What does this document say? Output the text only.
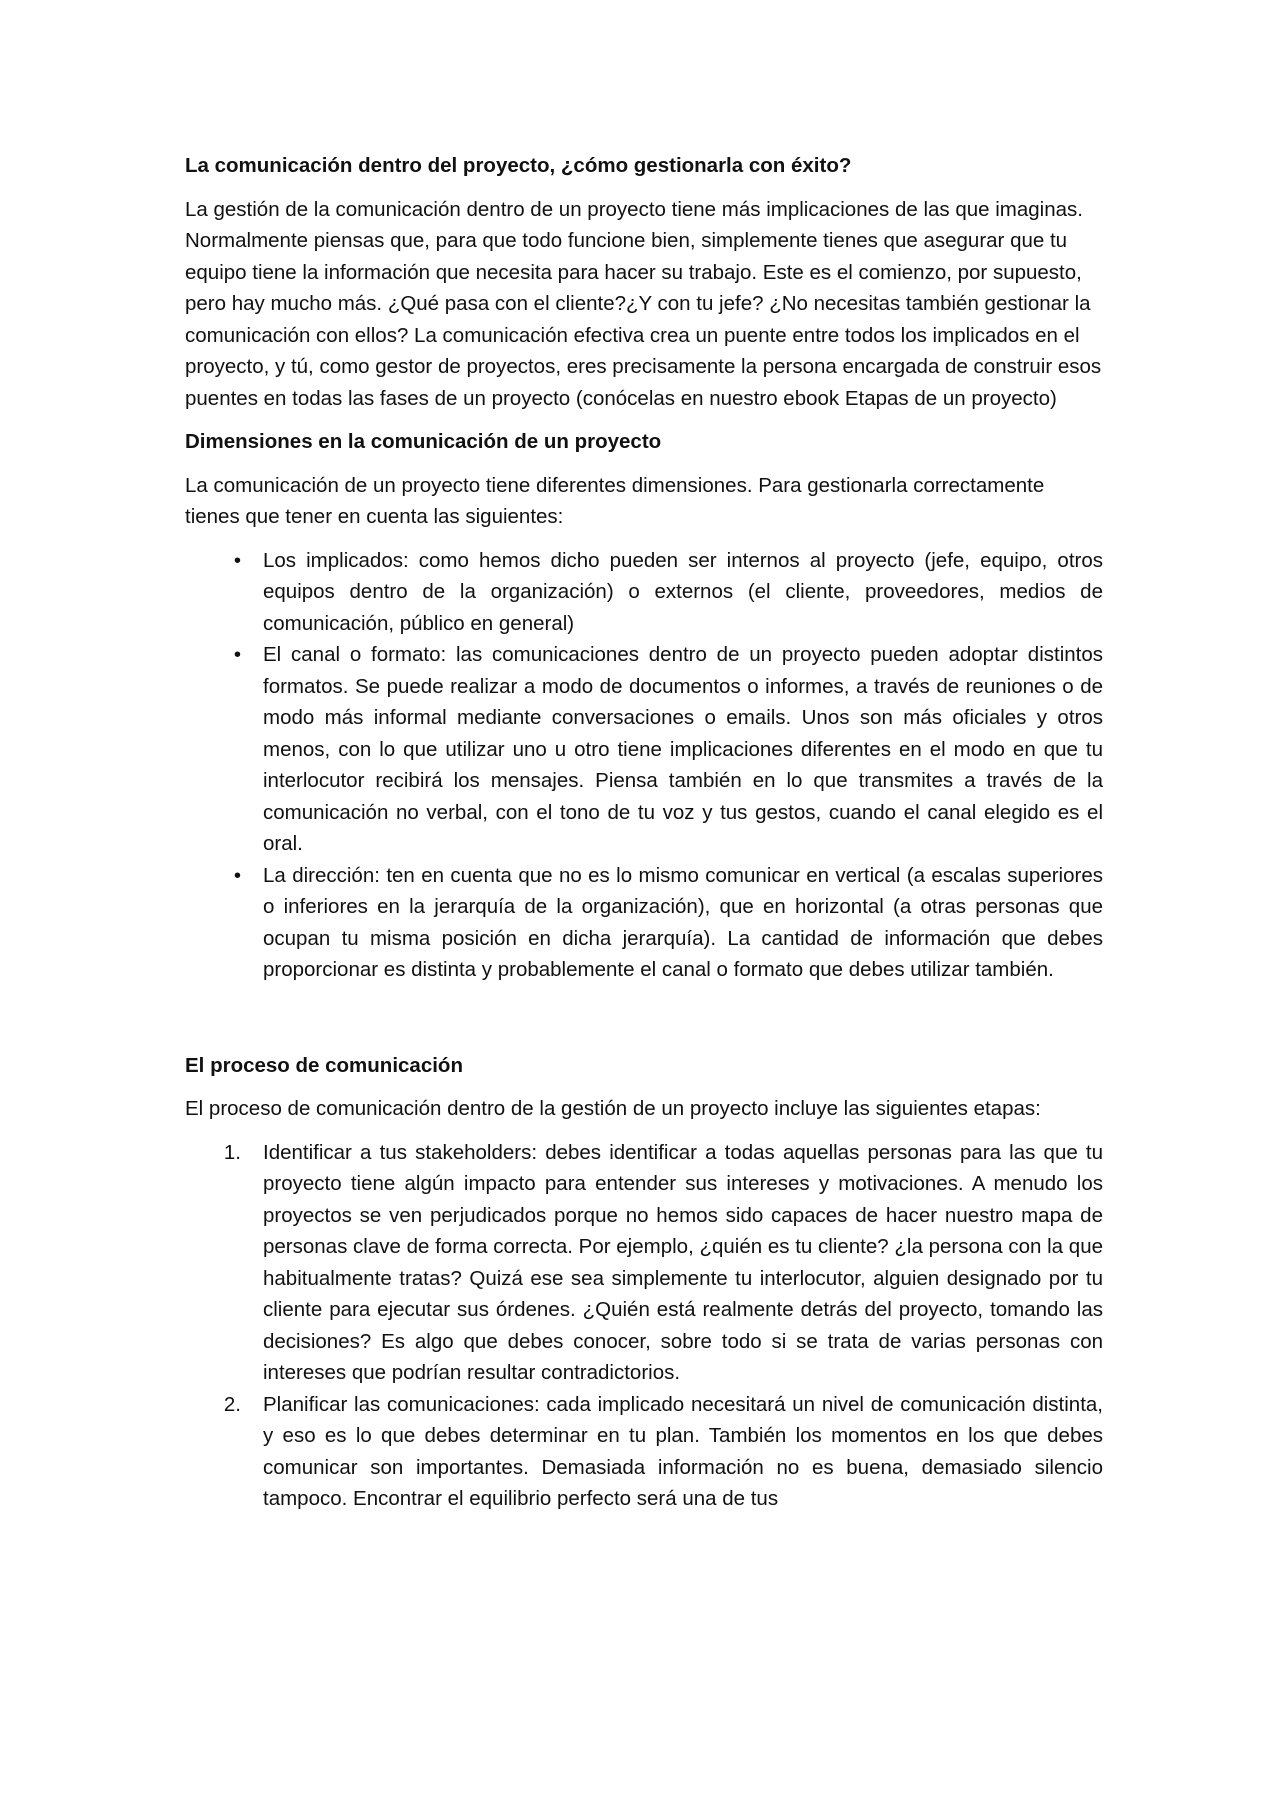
La comunicación dentro del proyecto, ¿cómo gestionarla con éxito?

La gestión de la comunicación dentro de un proyecto tiene más implicaciones de las que imaginas. Normalmente piensas que, para que todo funcione bien, simplemente tienes que asegurar que tu equipo tiene la información que necesita para hacer su trabajo. Este es el comienzo, por supuesto, pero hay mucho más. ¿Qué pasa con el cliente?¿Y con tu jefe? ¿No necesitas también gestionar la comunicación con ellos? La comunicación efectiva crea un puente entre todos los implicados en el proyecto, y tú, como gestor de proyectos, eres precisamente la persona encargada de construir esos puentes en todas las fases de un proyecto (conócelas en nuestro ebook Etapas de un proyecto)

Dimensiones en la comunicación de un proyecto

La comunicación de un proyecto tiene diferentes dimensiones. Para gestionarla correctamente tienes que tener en cuenta las siguientes:

• Los implicados: como hemos dicho pueden ser internos al proyecto (jefe, equipo, otros equipos dentro de la organización) o externos (el cliente, proveedores, medios de comunicación, público en general)
• El canal o formato: las comunicaciones dentro de un proyecto pueden adoptar distintos formatos. Se puede realizar a modo de documentos o informes, a través de reuniones o de modo más informal mediante conversaciones o emails. Unos son más oficiales y otros menos, con lo que utilizar uno u otro tiene implicaciones diferentes en el modo en que tu interlocutor recibirá los mensajes. Piensa también en lo que transmites a través de la comunicación no verbal, con el tono de tu voz y tus gestos, cuando el canal elegido es el oral.
• La dirección: ten en cuenta que no es lo mismo comunicar en vertical (a escalas superiores o inferiores en la jerarquía de la organización), que en horizontal (a otras personas que ocupan tu misma posición en dicha jerarquía). La cantidad de información que debes proporcionar es distinta y probablemente el canal o formato que debes utilizar también.

El proceso de comunicación

El proceso de comunicación dentro de la gestión de un proyecto incluye las siguientes etapas:

1. Identificar a tus stakeholders: debes identificar a todas aquellas personas para las que tu proyecto tiene algún impacto para entender sus intereses y motivaciones. A menudo los proyectos se ven perjudicados porque no hemos sido capaces de hacer nuestro mapa de personas clave de forma correcta. Por ejemplo, ¿quién es tu cliente? ¿la persona con la que habitualmente tratas? Quizá ese sea simplemente tu interlocutor, alguien designado por tu cliente para ejecutar sus órdenes. ¿Quién está realmente detrás del proyecto, tomando las decisiones? Es algo que debes conocer, sobre todo si se trata de varias personas con intereses que podrían resultar contradictorios.
2. Planificar las comunicaciones: cada implicado necesitará un nivel de comunicación distinta, y eso es lo que debes determinar en tu plan. También los momentos en los que debes comunicar son importantes. Demasiada información no es buena, demasiado silencio tampoco. Encontrar el equilibrio perfecto será una de tus
